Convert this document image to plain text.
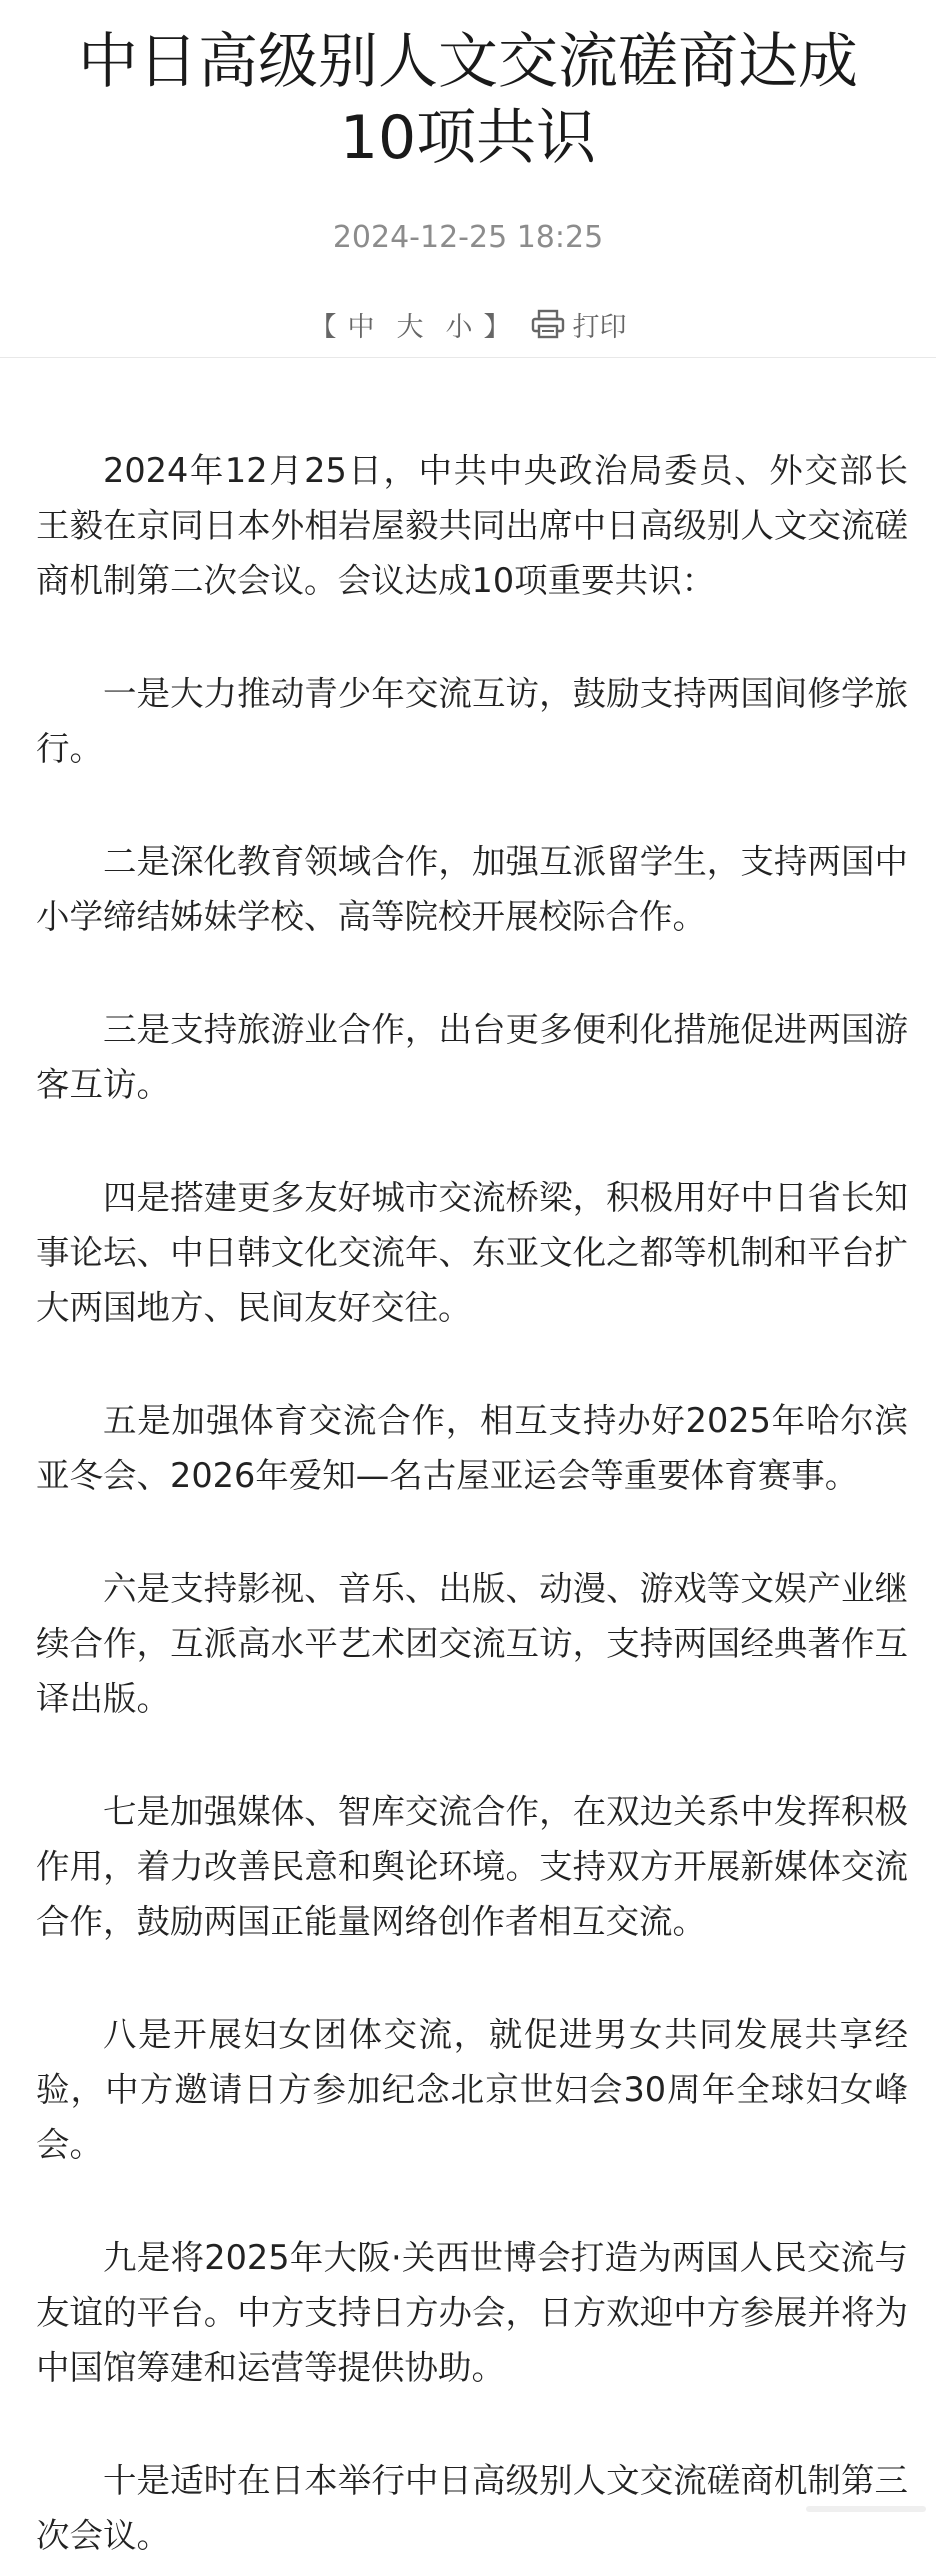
中日高级别人文交流磋商达成10项共识
2024-12-25 18:25
【 中 大 小 】 打印

2024年12月25日，中共中央政治局委员、外交部长王毅在京同日本外相岩屋毅共同出席中日高级别人文交流磋商机制第二次会议。会议达成10项重要共识：

一是大力推动青少年交流互访，鼓励支持两国间修学旅行。

二是深化教育领域合作，加强互派留学生，支持两国中小学缔结姊妹学校、高等院校开展校际合作。

三是支持旅游业合作，出台更多便利化措施促进两国游客互访。

四是搭建更多友好城市交流桥梁，积极用好中日省长知事论坛、中日韩文化交流年、东亚文化之都等机制和平台扩大两国地方、民间友好交往。

五是加强体育交流合作，相互支持办好2025年哈尔滨亚冬会、2026年爱知—名古屋亚运会等重要体育赛事。

六是支持影视、音乐、出版、动漫、游戏等文娱产业继续合作，互派高水平艺术团交流互访，支持两国经典著作互译出版。

七是加强媒体、智库交流合作，在双边关系中发挥积极作用，着力改善民意和舆论环境。支持双方开展新媒体交流合作，鼓励两国正能量网络创作者相互交流。

八是开展妇女团体交流，就促进男女共同发展共享经验，中方邀请日方参加纪念北京世妇会30周年全球妇女峰会。

九是将2025年大阪·关西世博会打造为两国人民交流与友谊的平台。中方支持日方办会，日方欢迎中方参展并将为中国馆筹建和运营等提供协助。

十是适时在日本举行中日高级别人文交流磋商机制第三次会议。
